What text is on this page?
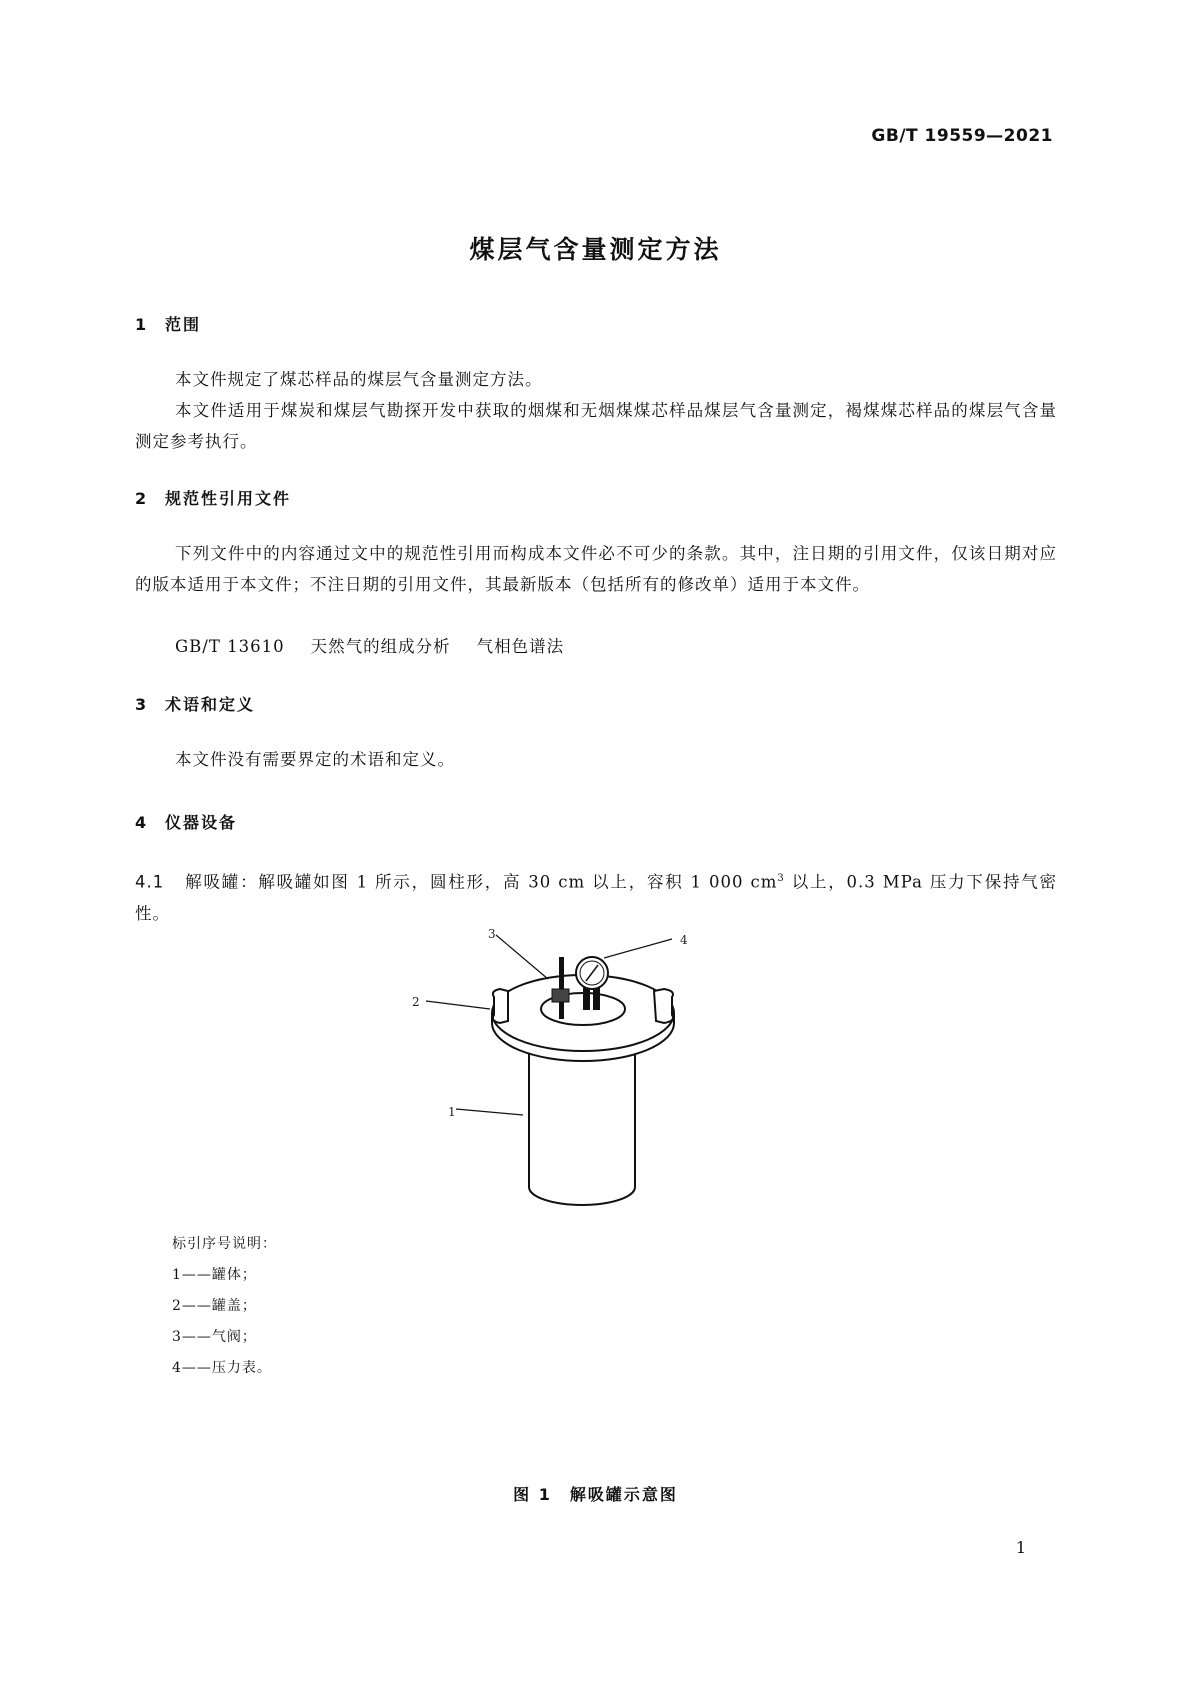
GB/T 19559—2021
煤层气含量测定方法
1 范围

本文件规定了煤芯样品的煤层气含量测定方法。

本文件适用于煤炭和煤层气勘探开发中获取的烟煤和无烟煤煤芯样品煤层气含量测定，褐煤煤芯样品的煤层气含量测定参考执行。

2 规范性引用文件

下列文件中的内容通过文中的规范性引用而构成本文件必不可少的条款。其中，注日期的引用文件，仅该日期对应的版本适用于本文件；不注日期的引用文件，其最新版本（包括所有的修改单）适用于本文件。

GB/T 13610 天然气的组成分析 气相色谱法
3 术语和定义

本文件没有需要界定的术语和定义。

4 仪器设备
4.1 解吸罐：解吸罐如图 1 所示，圆柱形，高 30 cm 以上，容积 1 000 $cm^3$ 以上，0.3 MPa 压力下保持气密性。
1
2
3	4
标引序号说明：
1——罐体；
2——罐盖；
3——气阀；
4——压力表。
图 1　解吸罐示意图
1
